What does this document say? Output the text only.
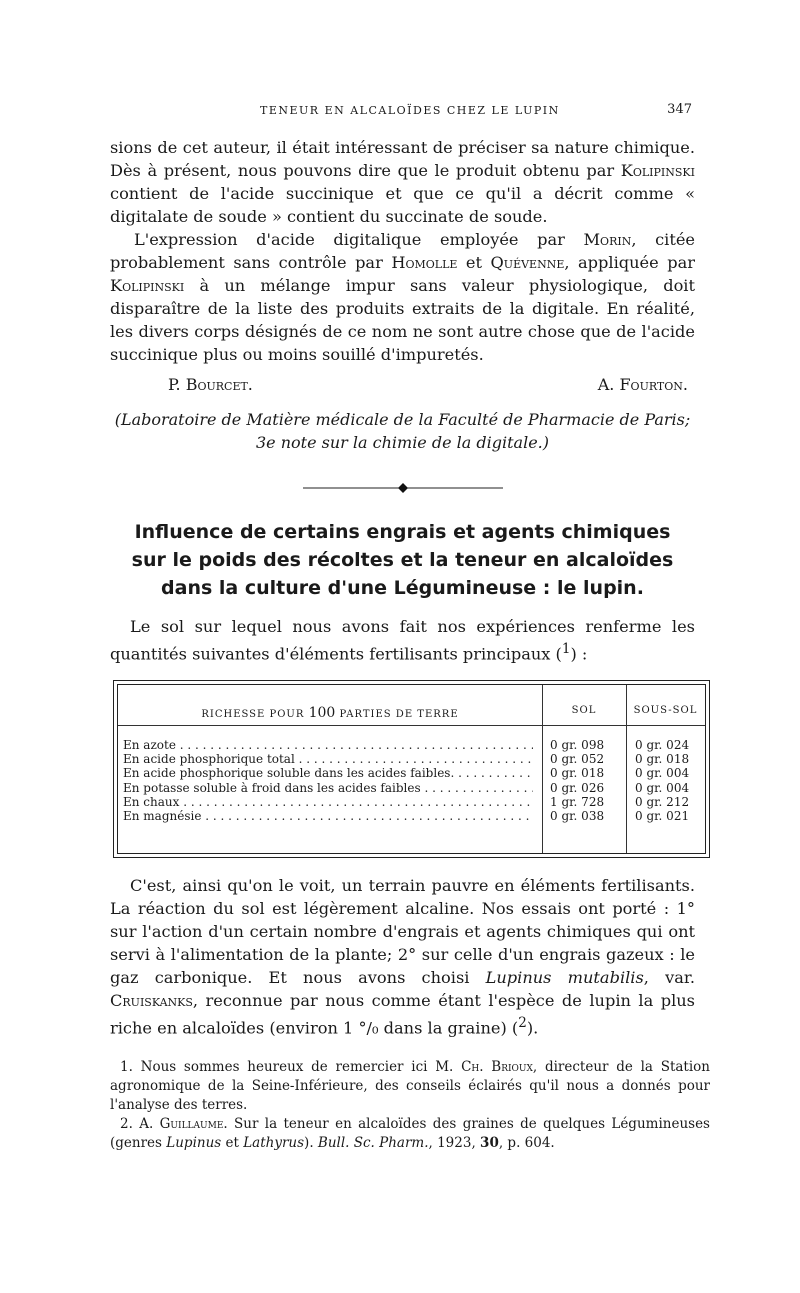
TENEUR EN ALCALOÏDES CHEZ LE LUPIN	347

sions de cet auteur, il était intéressant de préciser sa nature chimique. Dès à présent, nous pouvons dire que le produit obtenu par Kolipinski contient de l'acide succinique et que ce qu'il a décrit comme « digitalate de soude » contient du succinate de soude.

L'expression d'acide digitalique employée par Morin, citée probablement sans contrôle par Homolle et Quévenne, appliquée par Kolipinski à un mélange impur sans valeur physiologique, doit disparaître de la liste des produits extraits de la digitale. En réalité, les divers corps désignés de ce nom ne sont autre chose que de l'acide succinique plus ou moins souillé d'impuretés.

P. Bourcet.	A. Fourton.

(Laboratoire de Matière médicale de la Faculté de Pharmacie de Paris;
3e note sur la chimie de la digitale.)

Influence de certains engrais et agents chimiques
sur le poids des récoltes et la teneur en alcaloïdes
dans la culture d'une Légumineuse : le lupin.

Le sol sur lequel nous avons fait nos expériences renferme les quantités suivantes d'éléments fertilisants principaux ($^1$) :

RICHESSE POUR 100 PARTIES DE TERRE	SOL	SOUS-SOL
En azote . . .	0 gr. 098	0 gr. 024
En acide phosphorique total . . .	0 gr. 052	0 gr. 018
En acide phosphorique soluble dans les acides faibles. . . .	0 gr. 018	0 gr. 004
En potasse soluble à froid dans les acides faibles . . .	0 gr. 026	0 gr. 004
En chaux . . .	1 gr. 728	0 gr. 212
En magnésie . . .	0 gr. 038	0 gr. 021

C'est, ainsi qu'on le voit, un terrain pauvre en éléments fertilisants. La réaction du sol est légèrement alcaline. Nos essais ont porté : 1° sur l'action d'un certain nombre d'engrais et agents chimiques qui ont servi à l'alimentation de la plante; 2° sur celle d'un engrais gazeux : le gaz carbonique. Et nous avons choisi Lupinus mutabilis, var. Cruiskanks, reconnue par nous comme étant l'espèce de lupin la plus riche en alcaloïdes (environ 1 °/₀ dans la graine) ($^2$).

1. Nous sommes heureux de remercier ici M. Ch. Brioux, directeur de la Station agronomique de la Seine-Inférieure, des conseils éclairés qu'il nous a donnés pour l'analyse des terres.

2. A. Guillaume. Sur la teneur en alcaloïdes des graines de quelques Légumineuses (genres Lupinus et Lathyrus). Bull. Sc. Pharm., 1923, 30, p. 604.
